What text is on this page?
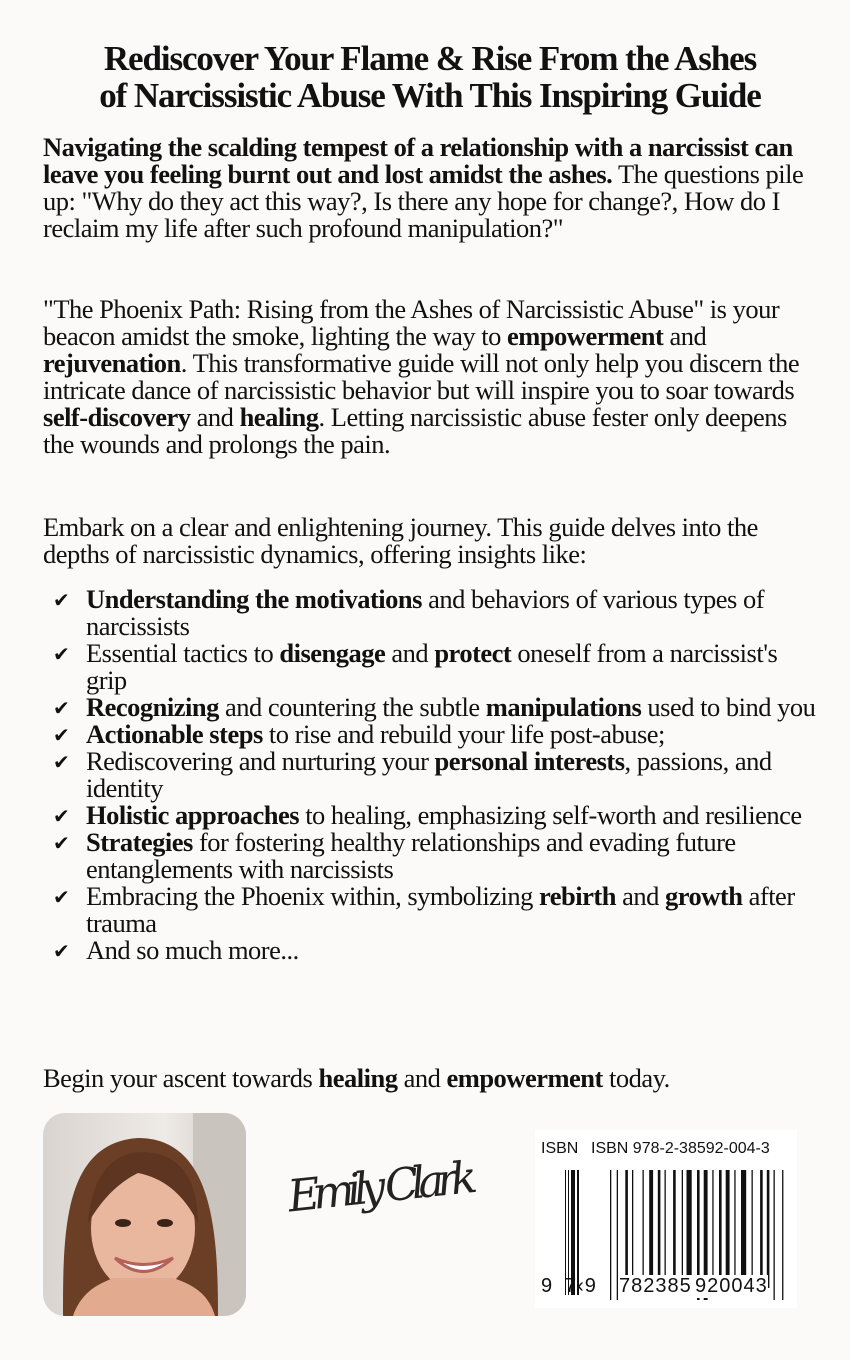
Rediscover Your Flame & Rise From the Ashes
of Narcissistic Abuse With This Inspiring Guide

Navigating the scalding tempest of a relationship with a narcissist can leave you feeling burnt out and lost amidst the ashes. The questions pile up: "Why do they act this way?, Is there any hope for change?, How do I reclaim my life after such profound manipulation?"

"The Phoenix Path: Rising from the Ashes of Narcissistic Abuse" is your beacon amidst the smoke, lighting the way to empowerment and rejuvenation. This transformative guide will not only help you discern the intricate dance of narcissistic behavior but will inspire you to soar towards self-discovery and healing. Letting narcissistic abuse fester only deepens the wounds and prolongs the pain.

Embark on a clear and enlightening journey. This guide delves into the depths of narcissistic dynamics, offering insights like:

✔ Understanding the motivations and behaviors of various types of narcissists
✔ Essential tactics to disengage and protect oneself from a narcissist's grip
✔ Recognizing and countering the subtle manipulations used to bind you
✔ Actionable steps to rise and rebuild your life post-abuse;
✔ Rediscovering and nurturing your personal interests, passions, and identity
✔ Holistic approaches to healing, emphasizing self-worth and resilience
✔ Strategies for fostering healthy relationships and evading future entanglements with narcissists
✔ Embracing the Phoenix within, symbolizing rebirth and growth after trauma
✔ And so much more...

Begin your ascent towards healing and empowerment today.

Emily Clark
ISBN ISBN 978-2-38592-004-3
9 7‹9 782385 920043
